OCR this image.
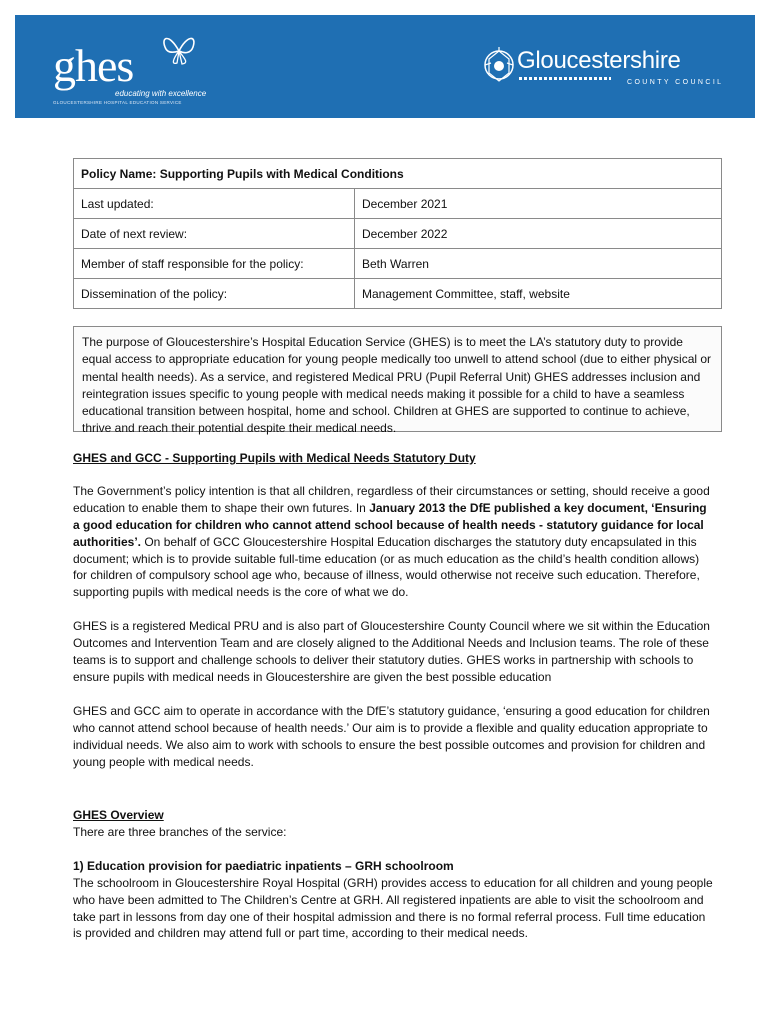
ghes
educating with excellence
GLOUCESTERSHIRE HOSPITAL EDUCATION SERVICE
Gloucestershire
COUNTY COUNCIL
Policy Name: Supporting Pupils with Medical Conditions	
Last updated:	December 2021
Date of next review:	December 2022
Member of staff responsible for the policy:	Beth Warren
Dissemination of the policy:	Management Committee, staff, website
The purpose of Gloucestershire’s Hospital Education Service (GHES) is to meet the LA’s statutory duty to provide equal access to appropriate education for young people medically too unwell to attend school (due to either physical or mental health needs). As a service, and registered Medical PRU (Pupil Referral Unit) GHES addresses inclusion and reintegration issues specific to young people with medical needs making it possible for a child to have a seamless educational transition between hospital, home and school. Children at GHES are supported to continue to achieve, thrive and reach their potential despite their medical needs.

GHES and GCC - Supporting Pupils with Medical Needs Statutory Duty

The Government’s policy intention is that all children, regardless of their circumstances or setting, should receive a good education to enable them to shape their own futures. In January 2013 the DfE published a key document, ‘Ensuring a good education for children who cannot attend school because of health needs - statutory guidance for local authorities’. On behalf of GCC Gloucestershire Hospital Education discharges the statutory duty encapsulated in this document; which is to provide suitable full-time education (or as much education as the child’s health condition allows) for children of compulsory school age who, because of illness, would otherwise not receive such education. Therefore, supporting pupils with medical needs is the core of what we do.

GHES is a registered Medical PRU and is also part of Gloucestershire County Council where we sit within the Education Outcomes and Intervention Team and are closely aligned to the Additional Needs and Inclusion teams. The role of these teams is to support and challenge schools to deliver their statutory duties. GHES works in partnership with schools to ensure pupils with medical needs in Gloucestershire are given the best possible education

GHES and GCC aim to operate in accordance with the DfE’s statutory guidance, ‘ensuring a good education for children who cannot attend school because of health needs.’ Our aim is to provide a flexible and quality education appropriate to individual needs. We also aim to work with schools to ensure the best possible outcomes and provision for children and young people with medical needs.

GHES Overview

There are three branches of the service:

1) Education provision for paediatric inpatients – GRH schoolroom

The schoolroom in Gloucestershire Royal Hospital (GRH) provides access to education for all children and young people who have been admitted to The Children’s Centre at GRH. All registered inpatients are able to visit the schoolroom and take part in lessons from day one of their hospital admission and there is no formal referral process. Full time education is provided and children may attend full or part time, according to their medical needs.
